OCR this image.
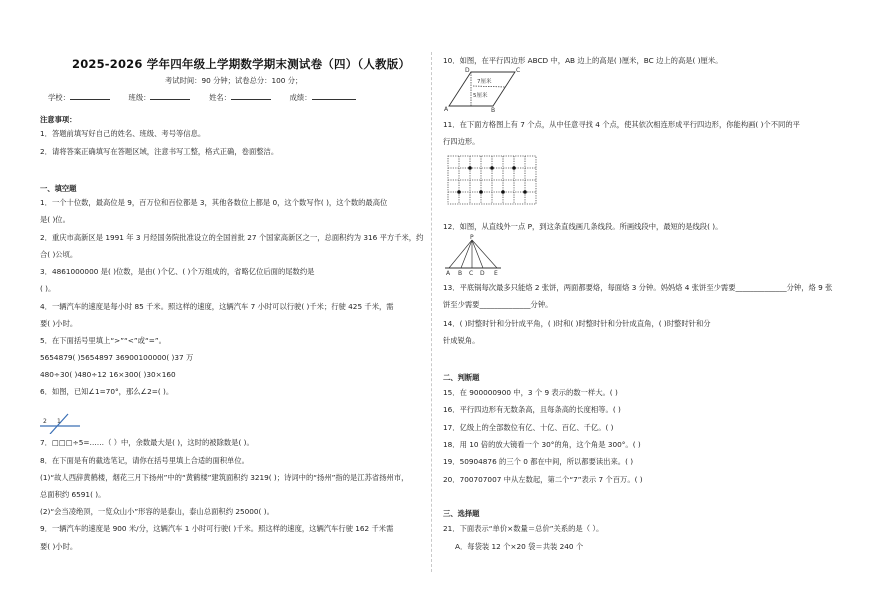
2025-2026 学年四年级上学期数学期末测试卷（四）（人教版）
考试时间：90 分钟；试卷总分：100 分；
学校：	班级：	姓名：	成绩：
注意事项：
1．答题前填写好自己的姓名、班级、考号等信息。
2．请将答案正确填写在答题区域，注意书写工整，格式正确，卷面整洁。
一、填空题
1．一个十位数，最高位是 9，百万位和百位都是 3，其他各数位上都是 0，这个数写作( )，这个数的最高位
是( )位。
2．重庆市高新区是 1991 年 3 月经国务院批准设立的全国首批 27 个国家高新区之一，总面积约为 316 平方千米，约
合( )公顷。
3．4861000000 是( )位数，是由( )个亿、( )个万组成的，省略亿位后面的尾数约是
( )。
4．一辆汽车的速度是每小时 85 千米。照这样的速度，这辆汽车 7 小时可以行驶( )千米；行驶 425 千米，需
要( )小时。
5．在下面括号里填上“>”“<”或“=”。
5654879( )5654897 36900100000( )37 万
480÷30( )480÷12 16×300( )30×160
6．如图，已知∠1=70°，那么∠2=( )。
1
2
7．□□□÷5=……（ ）中，余数最大是( )，这时的被除数是( )。
8．在下面是有的截选笔记，请你在括号里填上合适的面积单位。
(1)“故人西辞黄鹤楼，烟花三月下扬州”中的“黄鹤楼”建筑面积约 3219( )；诗词中的“扬州”指的是江苏省扬州市，
总面积约 6591( )。
(2)“会当凌绝顶，一览众山小”形容的是泰山，泰山总面积约 25000( )。
9．一辆汽车的速度是 900 米/分，这辆汽车 1 小时可行驶( )千米。照这样的速度，这辆汽车行驶 162 千米需
要( )小时。
10．如图，在平行四边形 ABCD 中，AB 边上的高是( )厘米，BC 边上的高是( )厘米。
7厘米
5厘米
A	B
C
D
11．在下面方格图上有 7 个点，从中任意寻找 4 个点，使其依次相连形成平行四边形，你能构画( )个不同的平
行四边形。
12．如图，从直线外一点 P，到这条直线画几条线段。所画线段中，最短的是线段( )。
P
A B C D E
13．平底锅每次最多只能烙 2 张饼，两面都要烙，每面烙 3 分钟。妈妈烙 4 张饼至少需要______________分钟，烙 9 张
饼至少需要______________分钟。
14．( )时整时针和分针成平角，( )时和( )时整时针和分针成直角，( )时整时针和分
针成锐角。
二、判断题
15．在 900000900 中，3 个 9 表示的数一样大。( )
16．平行四边形有无数条高，且每条高的长度相等。( )
17．亿级上的全部数位有亿、十亿、百亿、千亿。( )
18．用 10 倍的放大镜看一个 30°的角，这个角是 300°。( )
19．50904876 的三个 0 都在中间，所以都要读出来。( )
20．700707007 中从左数起，第二个“7”表示 7 个百万。( )
三、选择题
21．下面表示“单价×数量＝总价”关系的是（ ）。
A．每袋装 12 个×20 袋＝共装 240 个
